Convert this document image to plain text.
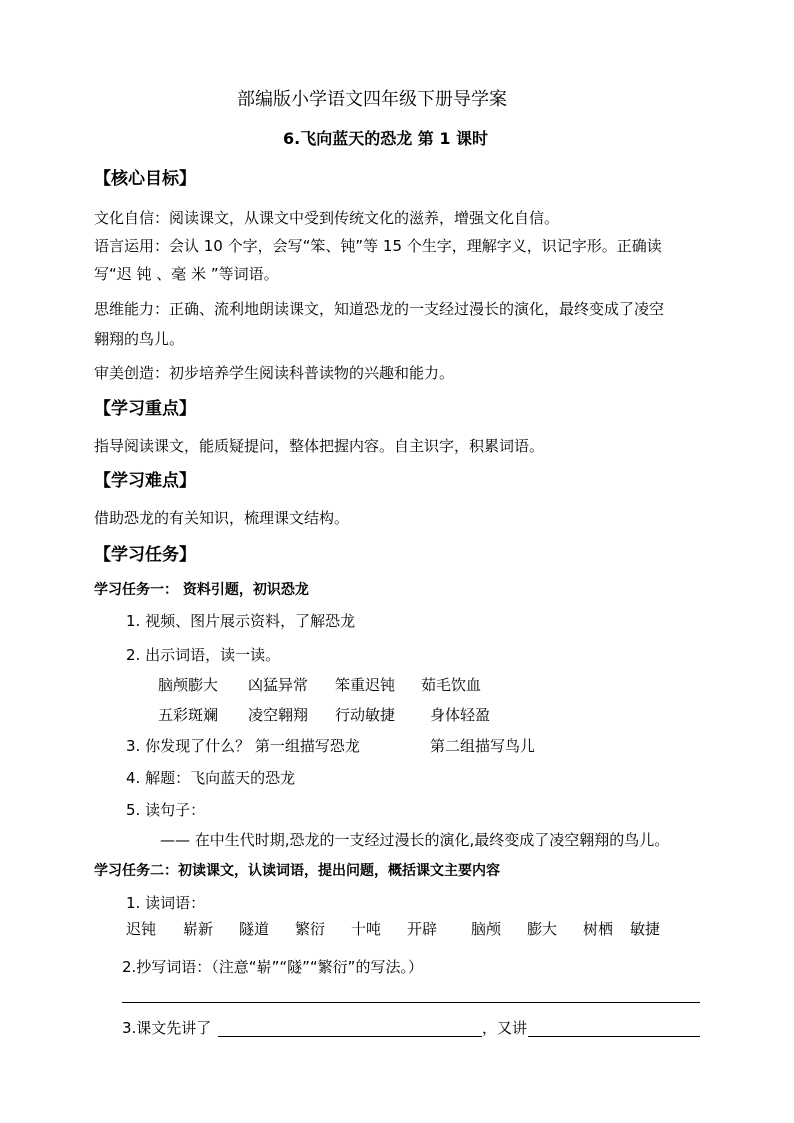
部编版小学语文四年级下册导学案
6.飞向蓝天的恐龙 第 1 课时
【核心目标】
文化自信：阅读课文，从课文中受到传统文化的滋养，增强文化自信。
语言运用：会认 10 个字，会写“笨、钝”等 15 个生字，理解字义，识记字形。正确读
写“迟 钝 、毫 米 ”等词语。
思维能力：正确、流利地朗读课文，知道恐龙的一支经过漫长的演化，最终变成了凌空
翱翔的鸟儿。
审美创造：初步培养学生阅读科普读物的兴趣和能力。
【学习重点】
指导阅读课文，能质疑提问，整体把握内容。自主识字，积累词语。
【学习难点】
借助恐龙的有关知识，梳理课文结构。
【学习任务】
学习任务一： 资料引题，初识恐龙
1. 视频、图片展示资料，了解恐龙
2. 出示词语，读一读。
脑颅膨大 凶猛异常 笨重迟钝 茹毛饮血
五彩斑斓 凌空翱翔 行动敏捷 身体轻盈
3. 你发现了什么？ 第一组描写恐龙	第二组描写鸟儿
4. 解题：飞向蓝天的恐龙
5. 读句子：
—— 在中生代时期,恐龙的一支经过漫长的演化,最终变成了凌空翱翔的鸟儿。
学习任务二：初读课文，认读词语，提出问题，概括课文主要内容
1. 读词语：
迟钝 崭新 隧道 繁衍 十吨 开辟 脑颅 膨大 树栖 敏捷
2.抄写词语：（注意“崭”“隧”“繁衍”的写法。）
3.课文先讲了	，又讲
